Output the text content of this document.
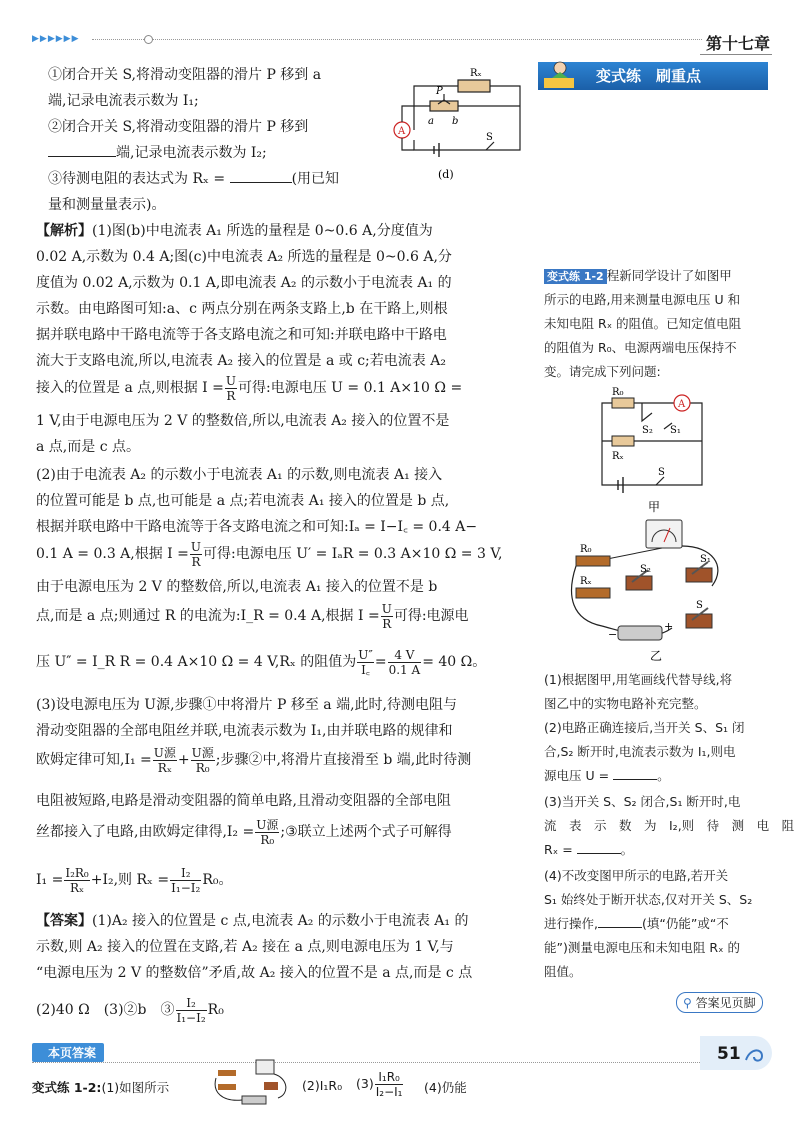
▶▶▶▶▶▶	第十七章
①闭合开关 S,将滑动变阻器的滑片 P 移到 a
端,记录电流表示数为 I₁;
②闭合开关 S,将滑动变阻器的滑片 P 移到
端,记录电流表示数为 I₂;
③待测电阻的表达式为 Rₓ =	(用已知
量和测量量表示)。
A
Rₓ
P
a b
S
(d)
【解析】(1)图(b)中电流表 A₁ 所选的量程是 0~0.6 A,分度值为
0.02 A,示数为 0.4 A;图(c)中电流表 A₂ 所选的量程是 0~0.6 A,分
度值为 0.02 A,示数为 0.1 A,即电流表 A₂ 的示数小于电流表 A₁ 的
示数。由电路图可知:a、c 两点分别在两条支路上,b 在干路上,则根
据并联电路中干路电流等于各支路电流之和可知:并联电路中干路电
流大于支路电流,所以,电流表 A₂ 接入的位置是 a 或 c;若电流表 A₂
接入的位置是 a 点,则根据 $I = \frac{U}{R}$ 可得:电源电压 U = 0.1 A×10 Ω =
1 V,由于电源电压为 2 V 的整数倍,所以,电流表 A₂ 接入的位置不是
a 点,而是 c 点。
(2)由于电流表 A₂ 的示数小于电流表 A₁ 的示数,则电流表 A₁ 接入
的位置可能是 b 点,也可能是 a 点;若电流表 A₁ 接入的位置是 b 点,
根据并联电路中干路电流等于各支路电流之和可知:Iₐ = I−I꜀ = 0.4 A−
0.1 A = 0.3 A,根据 $I = \frac{U}{R}$ 可得:电源电压 U′ = IₐR = 0.3 A×10 Ω = 3 V,
由于电源电压为 2 V 的整数倍,所以,电流表 A₁ 接入的位置不是 b
点,而是 a 点;则通过 R 的电流为:I_R = 0.4 A,根据 $I = \frac{U}{R}$ 可得:电源电
压 U″ = I_R R = 0.4 A×10 Ω = 4 V,Rₓ 的阻值为 $\frac{U''}{I꜀} = \frac{4 V}{0.1 A} = 40$ Ω。
(3)设电源电压为 U源,步骤①中将滑片 P 移至 a 端,此时,待测电阻与
滑动变阻器的全部电阻丝并联,电流表示数为 I₁,由并联电路的规律和
欧姆定律可知$,I_1 = \frac{\text{U源}}{\text{Rₓ}} + \frac{\text{U源}}{\text{R₀}}$ ;步骤②中,将滑片直接滑至 b 端,此时待测
电阻被短路,电路是滑动变阻器的简单电路,且滑动变阻器的全部电阻
丝都接入了电路,由欧姆定律得$,I_2 = \frac{\text{U源}}{\text{R₀}}$ ;③联立上述两个式子可解得
$I_1 = \frac{\text{I₂R₀}}{\text{Rₓ}} +I_2$,则 $R_x = \frac{\text{I₂}}{\text{I₁−I₂}} R_0$。
【答案】(1)A₂ 接入的位置是 c 点,电流表 A₂ 的示数小于电流表 A₁ 的
示数,则 A₂ 接入的位置在支路,若 A₂ 接在 a 点,则电源电压为 1 V,与
“电源电压为 2 V 的整数倍”矛盾,故 A₂ 接入的位置不是 a 点,而是 c 点
(2)40 Ω　(3)②b　③ $\frac{\text{I₂}}{\text{I₁−I₂}} R_0$
变式练　刷重点
变式练 1-2 程新同学设计了如图甲
所示的电路,用来测量电源电压 U 和
未知电阻 Rₓ 的阻值。已知定值电阻
的阻值为 R₀、电源两端电压保持不
变。请完成下列问题:
A
R₀
S₂ S₁
Rₓ
S
甲
R₀
Rₓ
S₂
S₁
S
−
+
乙
(1)根据图甲,用笔画线代替导线,将
图乙中的实物电路补充完整。
(2)电路正确连接后,当开关 S、S₁ 闭
合,S₂ 断开时,电流表示数为 I₁,则电
源电压 U =	。
(3)当开关 S、S₂ 闭合,S₁ 断开时,电
流　表　示　数　为　I₂,则　待　测　电　阻
Rₓ =	。
(4)不改变图甲所示的电路,若开关
S₁ 始终处于断开状态,仅对开关 S、S₂
进行操作,	(填“仍能”或“不
能”)测量电源电压和未知电阻 Rₓ 的
阻值。
⚲ 答案见页脚
本页答案
变式练 1-2:(1)如图所示	(2)I₁R₀ $(3) \frac{\text{I₁R₀}}{\text{I₂−I₁}} (4)$仍能
51
